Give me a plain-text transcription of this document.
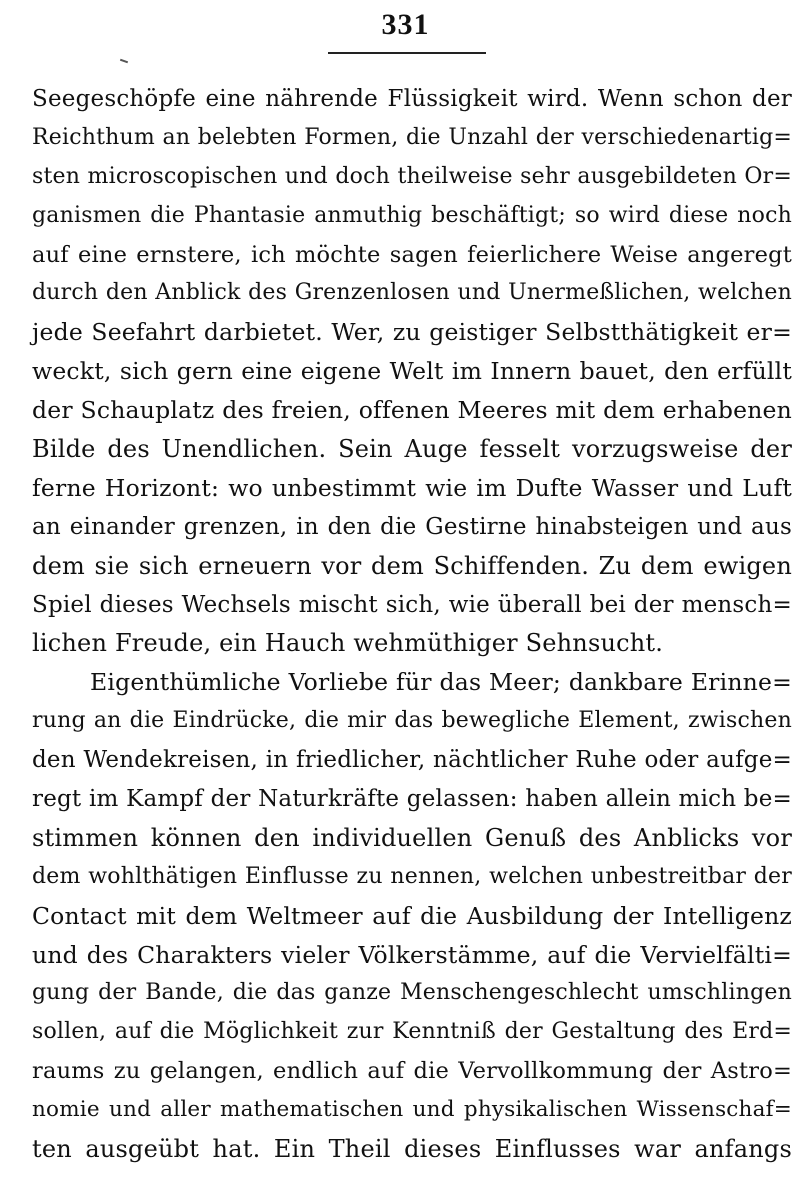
331
Seegeschöpfe eine nährende Flüssigkeit wird. Wenn schon der
Reichthum an belebten Formen, die Unzahl der verschiedenartig=
sten microscopischen und doch theilweise sehr ausgebildeten Or=
ganismen die Phantasie anmuthig beschäftigt; so wird diese noch
auf eine ernstere, ich möchte sagen feierlichere Weise angeregt
durch den Anblick des Grenzenlosen und Unermeßlichen, welchen
jede Seefahrt darbietet. Wer, zu geistiger Selbstthätigkeit er=
weckt, sich gern eine eigene Welt im Innern bauet, den erfüllt
der Schauplatz des freien, offenen Meeres mit dem erhabenen
Bilde des Unendlichen. Sein Auge fesselt vorzugsweise der
ferne Horizont: wo unbestimmt wie im Dufte Wasser und Luft
an einander grenzen, in den die Gestirne hinabsteigen und aus
dem sie sich erneuern vor dem Schiffenden. Zu dem ewigen
Spiel dieses Wechsels mischt sich, wie überall bei der mensch=
lichen Freude, ein Hauch wehmüthiger Sehnsucht.
Eigenthümliche Vorliebe für das Meer; dankbare Erinne=
rung an die Eindrücke, die mir das bewegliche Element, zwischen
den Wendekreisen, in friedlicher, nächtlicher Ruhe oder aufge=
regt im Kampf der Naturkräfte gelassen: haben allein mich be=
stimmen können den individuellen Genuß des Anblicks vor
dem wohlthätigen Einflusse zu nennen, welchen unbestreitbar der
Contact mit dem Weltmeer auf die Ausbildung der Intelligenz
und des Charakters vieler Völkerstämme, auf die Vervielfälti=
gung der Bande, die das ganze Menschengeschlecht umschlingen
sollen, auf die Möglichkeit zur Kenntniß der Gestaltung des Erd=
raums zu gelangen, endlich auf die Vervollkommung der Astro=
nomie und aller mathematischen und physikalischen Wissenschaf=
ten ausgeübt hat. Ein Theil dieses Einflusses war anfangs
